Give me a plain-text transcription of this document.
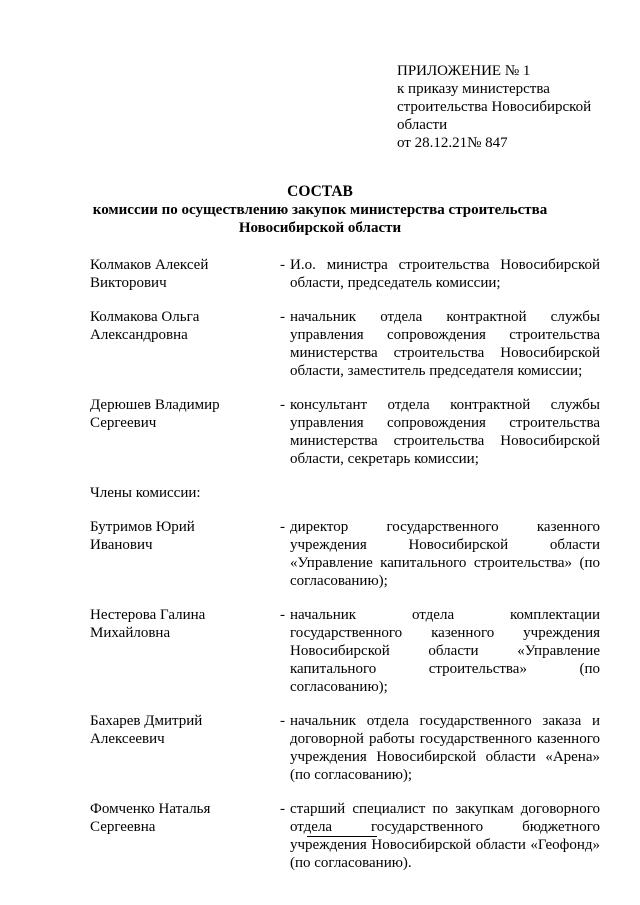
ПРИЛОЖЕНИЕ № 1
к приказу министерства
строительства Новосибирской
области
от 28.12.21№ 847
СОСТАВ
комиссии по осуществлению закупок министерства строительства
Новосибирской области
Колмаков Алексей
Викторович
- И.о. министра строительства Новосибирской области, председатель комиссии;
Колмакова Ольга
Александровна
- начальник отдела контрактной службы управления сопровождения строительства министерства строительства Новосибирской области, заместитель председателя комиссии;
Дерюшев Владимир
Сергеевич
- консультант отдела контрактной службы управления сопровождения строительства министерства строительства Новосибирской области, секретарь комиссии;
Члены комиссии:
Бутримов Юрий
Иванович
- директор государственного казенного учреждения Новосибирской области «Управление капитального строительства» (по согласованию);
Нестерова Галина
Михайловна
- начальник отдела комплектации государственного казенного учреждения Новосибирской области «Управление капитального строительства» (по согласованию);
Бахарев Дмитрий
Алексеевич
- начальник отдела государственного заказа и договорной работы государственного казенного учреждения Новосибирской области «Арена» (по согласованию);
Фомченко Наталья
Сергеевна
- старший специалист по закупкам договорного отдела государственного бюджетного учреждения Новосибирской области «Геофонд» (по согласованию).
